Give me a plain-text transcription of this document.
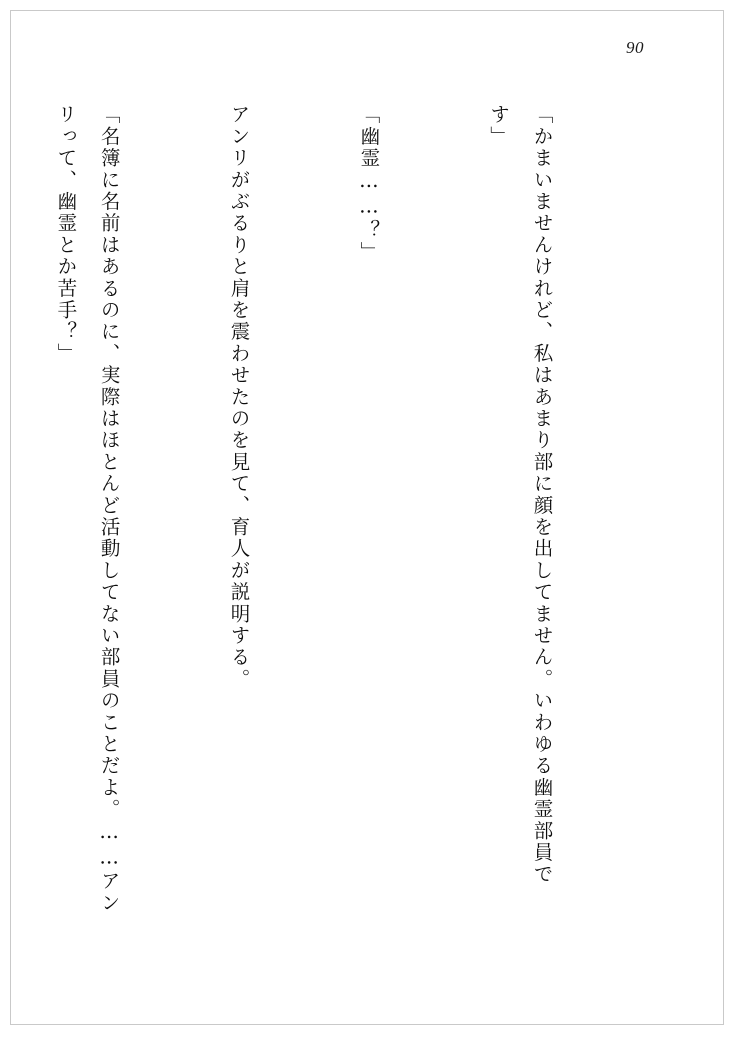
90

「かまいませんけれど、私はあまり部に顔を出してません。いわゆる幽霊部員です」

「幽霊……？」

アンリがぶるりと肩を震わせたのを見て、育人が説明する。

「名簿に名前はあるのに、実際はほとんど活動してない部員のことだよ。……アンリって、幽霊とか苦手？」
